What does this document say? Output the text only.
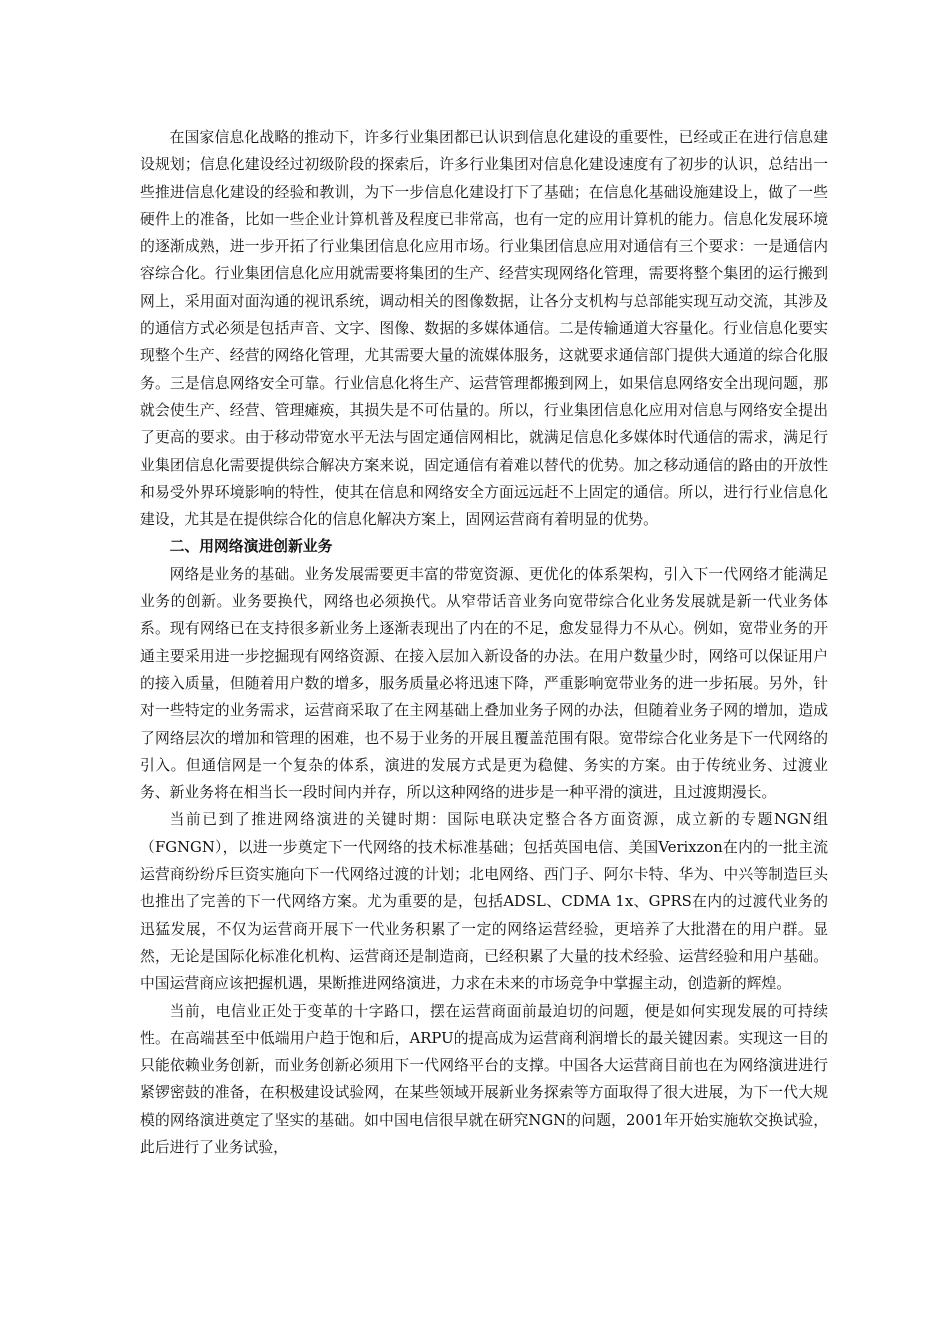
在国家信息化战略的推动下，许多行业集团都已认识到信息化建设的重要性，已经或正在进行信息建设规划；信息化建设经过初级阶段的探索后，许多行业集团对信息化建设速度有了初步的认识，总结出一些推进信息化建设的经验和教训，为下一步信息化建设打下了基础；在信息化基础设施建设上，做了一些硬件上的准备，比如一些企业计算机普及程度已非常高，也有一定的应用计算机的能力。信息化发展环境的逐渐成熟，进一步开拓了行业集团信息化应用市场。行业集团信息应用对通信有三个要求：一是通信内容综合化。行业集团信息化应用就需要将集团的生产、经营实现网络化管理，需要将整个集团的运行搬到网上，采用面对面沟通的视讯系统，调动相关的图像数据，让各分支机构与总部能实现互动交流，其涉及的通信方式必须是包括声音、文字、图像、数据的多媒体通信。二是传输通道大容量化。行业信息化要实现整个生产、经营的网络化管理，尤其需要大量的流媒体服务，这就要求通信部门提供大通道的综合化服务。三是信息网络安全可靠。行业信息化将生产、运营管理都搬到网上，如果信息网络安全出现问题，那就会使生产、经营、管理瘫痪，其损失是不可估量的。所以，行业集团信息化应用对信息与网络安全提出了更高的要求。由于移动带宽水平无法与固定通信网相比，就满足信息化多媒体时代通信的需求，满足行业集团信息化需要提供综合解决方案来说，固定通信有着难以替代的优势。加之移动通信的路由的开放性和易受外界环境影响的特性，使其在信息和网络安全方面远远赶不上固定的通信。所以，进行行业信息化建设，尤其是在提供综合化的信息化解决方案上，固网运营商有着明显的优势。

二、用网络演进创新业务

网络是业务的基础。业务发展需要更丰富的带宽资源、更优化的体系架构，引入下一代网络才能满足业务的创新。业务要换代，网络也必须换代。从窄带话音业务向宽带综合化业务发展就是新一代业务体系。现有网络已在支持很多新业务上逐渐表现出了内在的不足，愈发显得力不从心。例如，宽带业务的开通主要采用进一步挖掘现有网络资源、在接入层加入新设备的办法。在用户数量少时，网络可以保证用户的接入质量，但随着用户数的增多，服务质量必将迅速下降，严重影响宽带业务的进一步拓展。另外，针对一些特定的业务需求，运营商采取了在主网基础上叠加业务子网的办法，但随着业务子网的增加，造成了网络层次的增加和管理的困难，也不易于业务的开展且覆盖范围有限。宽带综合化业务是下一代网络的引入。但通信网是一个复杂的体系，演进的发展方式是更为稳健、务实的方案。由于传统业务、过渡业务、新业务将在相当长一段时间内并存，所以这种网络的进步是一种平滑的演进，且过渡期漫长。

当前已到了推进网络演进的关键时期：国际电联决定整合各方面资源，成立新的专题NGN组（FGNGN），以进一步奠定下一代网络的技术标准基础；包括英国电信、美国Verixzon在内的一批主流运营商纷纷斥巨资实施向下一代网络过渡的计划；北电网络、西门子、阿尔卡特、华为、中兴等制造巨头也推出了完善的下一代网络方案。尤为重要的是，包括ADSL、CDMA 1x、GPRS在内的过渡代业务的迅猛发展，不仅为运营商开展下一代业务积累了一定的网络运营经验，更培养了大批潜在的用户群。显然，无论是国际化标准化机构、运营商还是制造商，已经积累了大量的技术经验、运营经验和用户基础。中国运营商应该把握机遇，果断推进网络演进，力求在未来的市场竞争中掌握主动，创造新的辉煌。

当前，电信业正处于变革的十字路口，摆在运营商面前最迫切的问题，便是如何实现发展的可持续性。在高端甚至中低端用户趋于饱和后，ARPU的提高成为运营商利润增长的最关键因素。实现这一目的只能依赖业务创新，而业务创新必须用下一代网络平台的支撑。中国各大运营商目前也在为网络演进进行紧锣密鼓的准备，在积极建设试验网，在某些领域开展新业务探索等方面取得了很大进展，为下一代大规模的网络演进奠定了坚实的基础。如中国电信很早就在研究NGN的问题，2001年开始实施软交换试验，此后进行了业务试验，
